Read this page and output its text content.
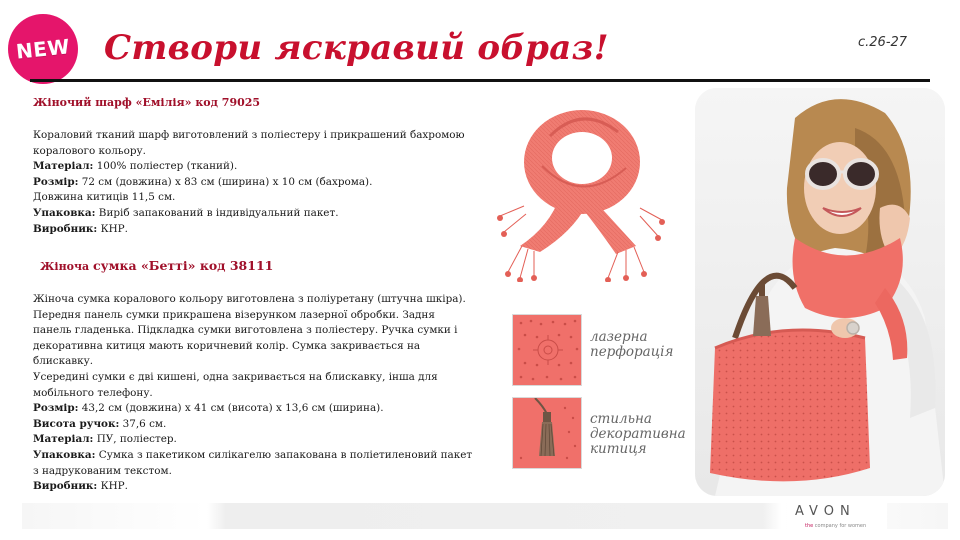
NEW Створи яскравий образ!	с.26-27
Жіночий шарф «Емілія» код 79025

Кораловий тканий шарф виготовлений з поліестеру і прикрашений бахромою

коралового кольору.

Матеріал: 100% поліестер (тканий).

Розмір: 72 см (довжина) х 83 см (ширина) х 10 см (бахрома).

Довжина китиців 11,5 см.

Упаковка: Виріб запакований в індивідуальний пакет.

Виробник: КНР.

Жіноча сумка «Бетті» код 38111

Жіноча сумка коралового кольору виготовлена з поліуретану (штучна шкіра).

Передня панель сумки прикрашена візерунком лазерної обробки. Задня

панель гладенька. Підкладка сумки виготовлена з поліестеру. Ручка сумки і

декоративна китиця мають коричневий колір. Сумка закривається на

блискавку.

Усередині сумки є дві кишені, одна закривається на блискавку, інша для

мобільного телефону.

Розмір: 43,2 см (довжина) х 41 см (висота) х 13,6 см (ширина).

Висота ручок: 37,6 см.

Матеріал: ПУ, поліестер.

Упаковка: Сумка з пакетиком силікагелю запакована в поліетиленовий пакет

з надрукованим текстом.

Виробник: КНР.

лазерна
перфорація
стильна
декоративна
китиця
AVON
the company for women
